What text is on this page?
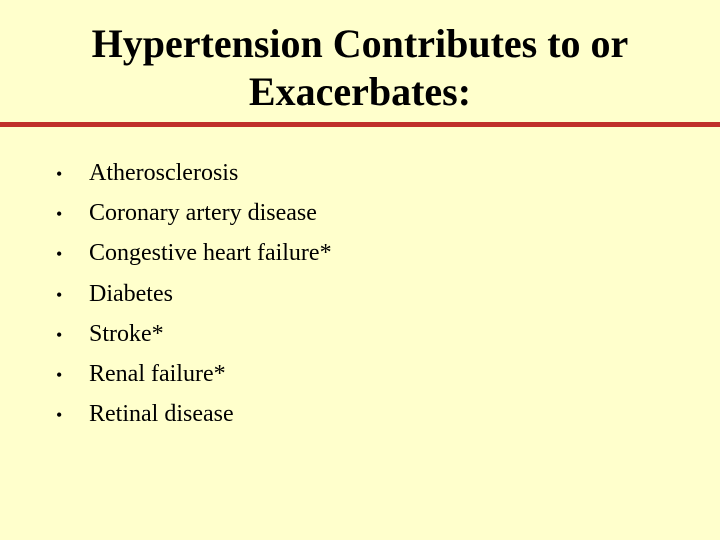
Hypertension Contributes to or
Exacerbates:
•	Atherosclerosis
•	Coronary artery disease
•	Congestive heart failure*
•	Diabetes
•	Stroke*
•	Renal failure*
•	Retinal disease
